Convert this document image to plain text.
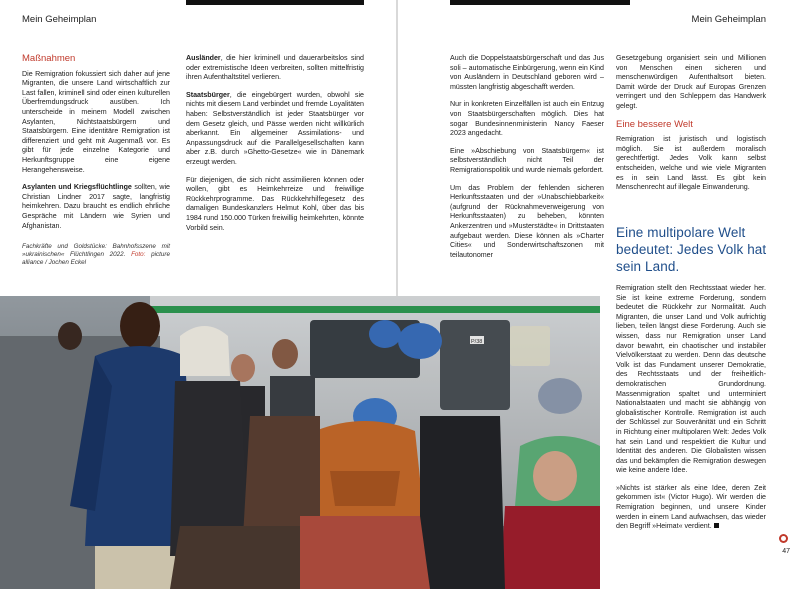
Mein Geheimplan
Maßnahmen

Die Remigration fokussiert sich daher auf jene Migranten, die unsere Land wirtschaftlich zur Last fallen, kriminell sind oder einen kulturellen Überfremdungsdruck ausüben. Ich unterscheide in meinem Modell zwischen Asylanten, Nichtstaatsbürgern und Staatsbürgern. Eine identitäre Remigration ist differenziert und geht mit Augenmaß vor. Es gibt für jede einzelne Kategorie und Herkunftsgruppe eine eigene Herangehensweise.

Asylanten und Kriegsflüchtlinge sollten, wie Christian Lindner 2017 sagte, langfristig heimkehren. Dazu braucht es endlich ehrliche Gespräche mit Ländern wie Syrien und Afghanistan.

Fachkräfte und Goldstücke: Bahnhofsszene mit »ukrainischen« Flüchtlingen 2022. Foto: picture alliance / Jochen Eckel

Ausländer, die hier kriminell und dauerarbeitslos sind oder extremistische Ideen verbreiten, sollten mittelfristig ihren Aufenthaltstitel verlieren.

Staatsbürger, die eingebürgert wurden, obwohl sie nichts mit diesem Land verbindet und fremde Loyalitäten haben: Selbstverständlich ist jeder Staatsbürger vor dem Gesetz gleich, und Pässe werden nicht willkürlich aberkannt. Ein allgemeiner Assimilations- und Anpassungsdruck auf die Parallelgesellschaften kann aber z.B. durch »Ghetto-Gesetze« wie in Dänemark erzeugt werden.

Für diejenigen, die sich nicht assimilieren können oder wollen, gibt es Heimkehrreize und freiwillige Rückkehrprogramme. Das Rückkehrhilfegesetz des damaligen Bundeskanzlers Helmut Kohl, über das bis 1984 rund 150.000 Türken freiwillig heimkehrten, könnte Vorbild sein.

Mein Geheimplan

Auch die Doppelstaatsbürgerschaft und das Jus soli – automatische Einbürgerung, wenn ein Kind von Ausländern in Deutschland geboren wird – müssten langfristig abgeschafft werden.

Nur in konkreten Einzelfällen ist auch ein Entzug von Staatsbürgerschaften möglich. Dies hat sogar Bundesinnenministerin Nancy Faeser 2023 angedacht.

Eine »Abschiebung von Staatsbürgern« ist selbstverständlich nicht Teil der Remigrationspolitik und wurde niemals gefordert.

Um das Problem der fehlenden sicheren Herkunftsstaaten und der »Unabschiebbarkeit« (aufgrund der Rücknahmeverweigerung von Herkunftsstaaten) zu beheben, könnten Ankerzentren und »Musterstädte« in Drittstaaten aufgebaut werden. Diese können als »Charter Cities« und Sonderwirtschaftszonen mit teilautonomer

Gesetzgebung organisiert sein und Millionen von Menschen einen sicheren und menschenwürdigen Aufenthaltsort bieten. Damit würde der Druck auf Europas Grenzen verringert und den Schleppern das Handwerk gelegt.

Eine bessere Welt

Remigration ist juristisch und logistisch möglich. Sie ist außerdem moralisch gerechtfertigt. Jedes Volk kann selbst entscheiden, welche und wie viele Migranten es in sein Land lässt. Es gibt kein Menschenrecht auf illegale Einwanderung.

Eine multipolare Welt bedeutet: Jedes Volk hat sein Land.

Remigration stellt den Rechtsstaat wieder her. Sie ist keine extreme Forderung, sondern bedeutet die Rückkehr zur Normalität. Auch Migranten, die unser Land und Volk aufrichtig lieben, teilen längst diese Forderung. Auch sie wissen, dass nur Remigration unser Land davor bewahrt, ein chaotischer und instabiler Vielvölkerstaat zu werden. Denn das deutsche Volk ist das Fundament unserer Demokratie, des Rechtsstaats und der freiheitlich-demokratischen Grundordnung. Massenmigration spaltet und unterminiert Nationalstaaten und macht sie abhängig von globalistischer Kontrolle. Remigration ist auch der Schlüssel zur Souveränität und ein Schritt in Richtung einer multipolaren Welt: Jedes Volk hat sein Land und respektiert die Kultur und Identität des anderen. Die Globalisten wissen das und bekämpfen die Remigration deswegen wie keine andere Idee.

»Nichts ist stärker als eine Idee, deren Zeit gekommen ist« (Victor Hugo). Wir werden die Remigration beginnen, und unsere Kinder werden in einem Land aufwachsen, das wieder den Begriff »Heimat« verdient.

47
P/38
